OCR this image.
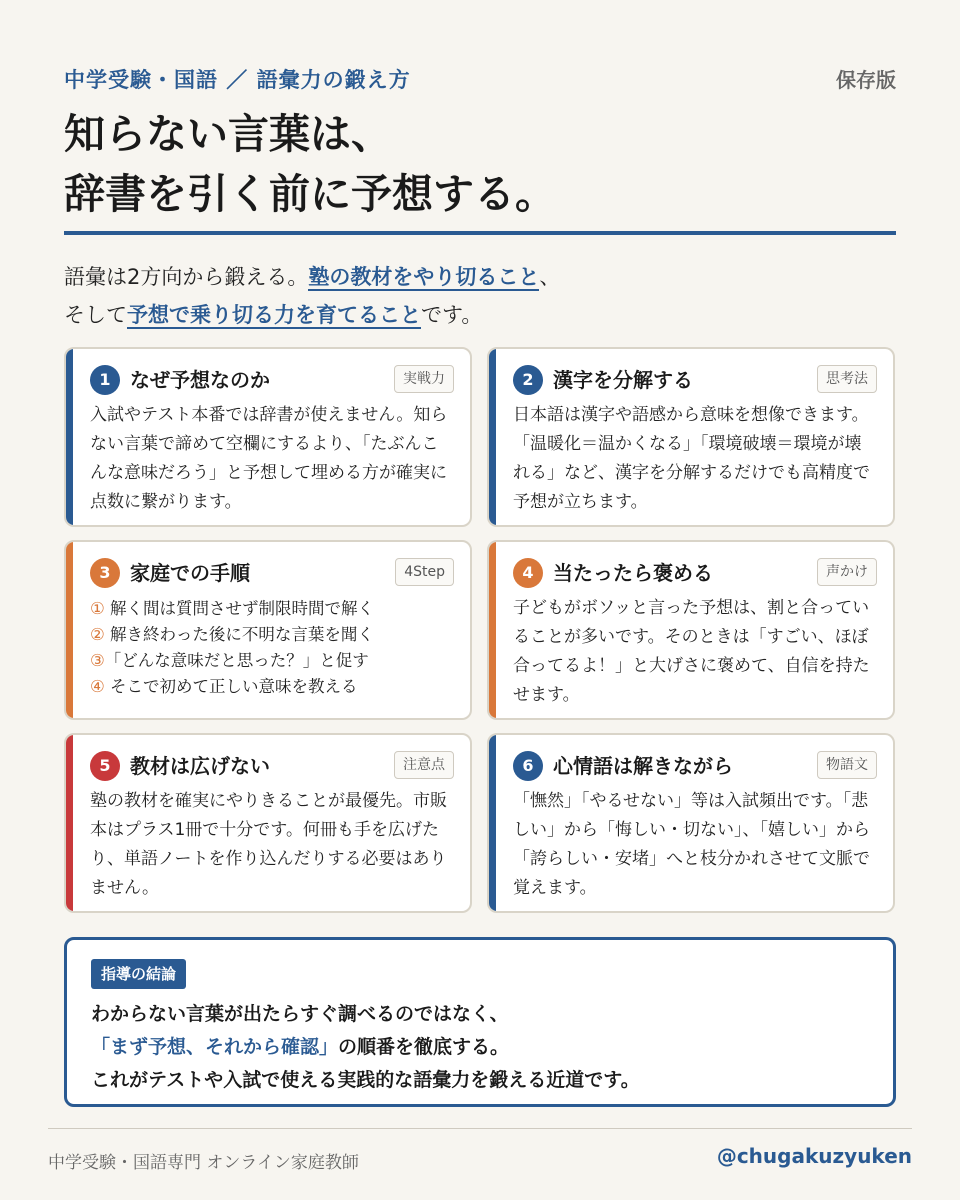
中学受験・国語 ／ 語彙力の鍛え方	保存版
知らない言葉は、
辞書を引く前に予想する。
語彙は2方向から鍛える。塾の教材をやり切ること、
そして予想で乗り切る力を育てることです。
1 なぜ予想なのか	実戦力
入試やテスト本番では辞書が使えません。知らない言葉で諦めて空欄にするより、「たぶんこんな意味だろう」と予想して埋める方が確実に点数に繋がります。
2 漢字を分解する	思考法
日本語は漢字や語感から意味を想像できます。「温暖化＝温かくなる」「環境破壊＝環境が壊れる」など、漢字を分解するだけでも高精度で予想が立ちます。
3 家庭での手順	4Step
① 解く間は質問させず制限時間で解く
② 解き終わった後に不明な言葉を聞く
③「どんな意味だと思った？」と促す
④ そこで初めて正しい意味を教える
4 当たったら褒める	声かけ
子どもがボソッと言った予想は、割と合っていることが多いです。そのときは「すごい、ほぼ合ってるよ！」と大げさに褒めて、自信を持たせます。
5 教材は広げない	注意点
塾の教材を確実にやりきることが最優先。市販本はプラス1冊で十分です。何冊も手を広げたり、単語ノートを作り込んだりする必要はありません。
6 心情語は解きながら	物語文
「憮然」「やるせない」等は入試頻出です。「悲しい」から「悔しい・切ない」、「嬉しい」から「誇らしい・安堵」へと枝分かれさせて文脈で覚えます。
指導の結論
わからない言葉が出たらすぐ調べるのではなく、
「まず予想、それから確認」の順番を徹底する。
これがテストや入試で使える実践的な語彙力を鍛える近道です。
中学受験・国語専門 オンライン家庭教師	@chugakuzyuken
